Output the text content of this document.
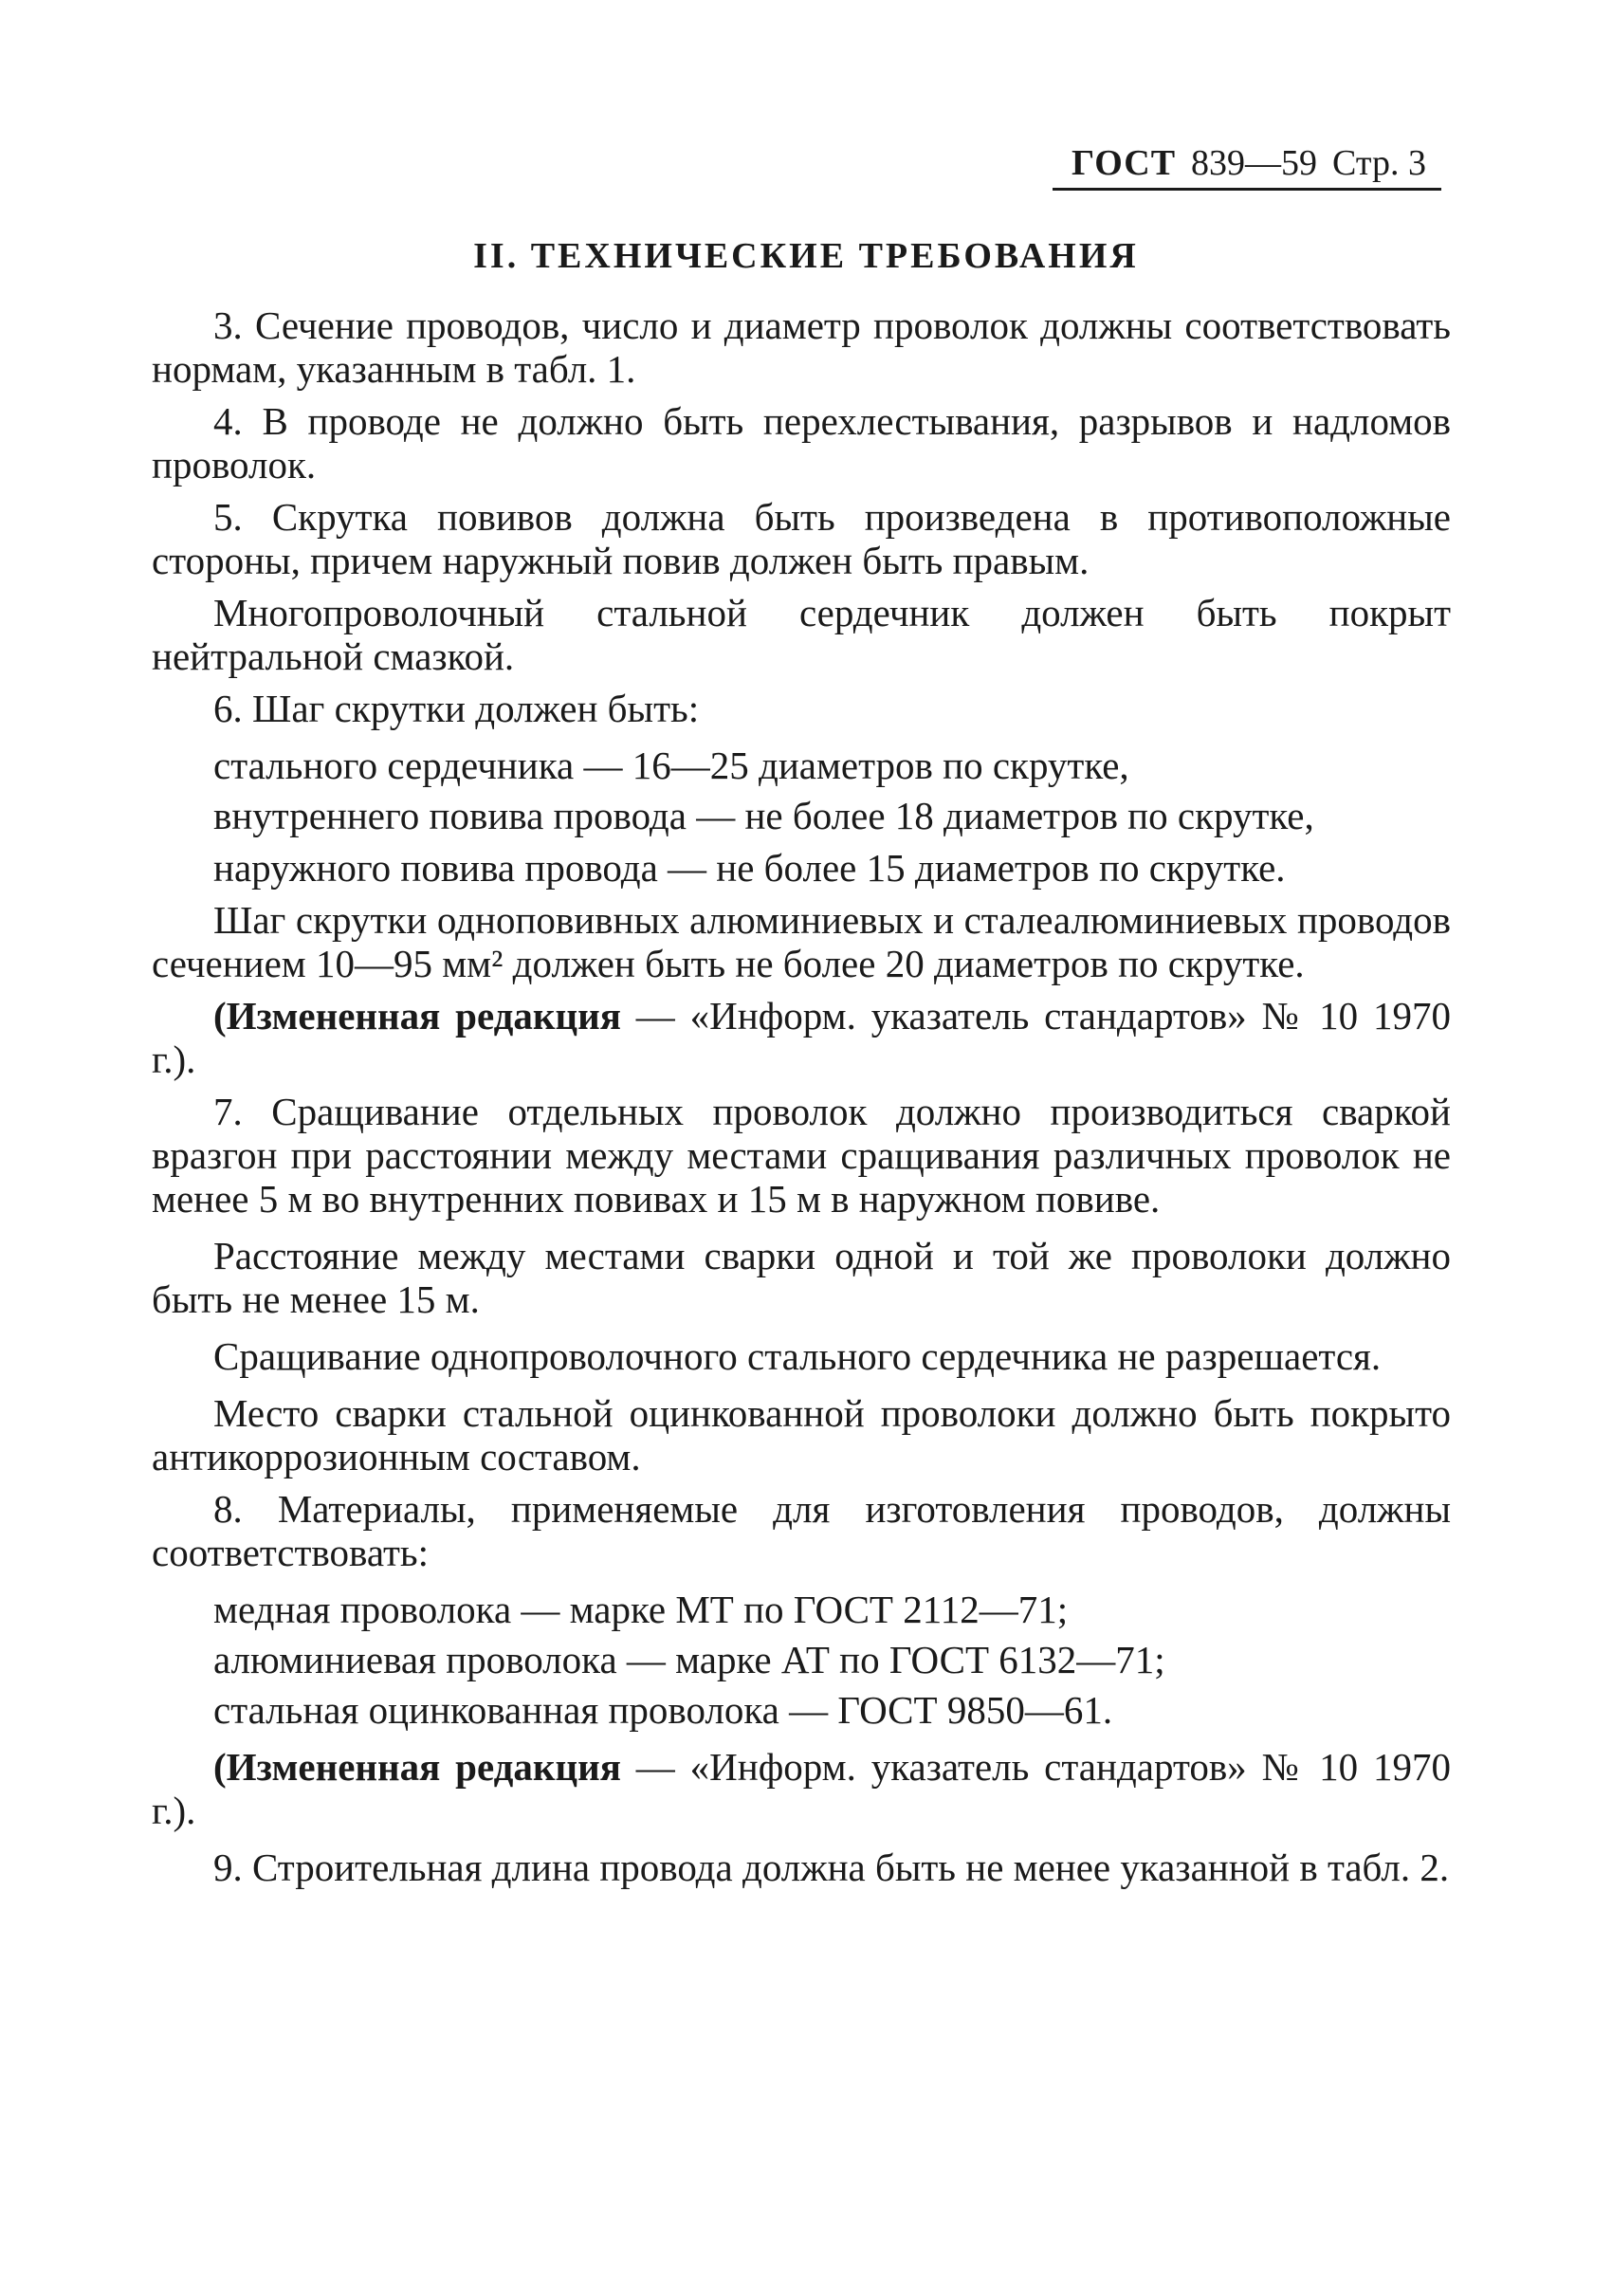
ГОСТ 839—59 Стр. 3
II. ТЕХНИЧЕСКИЕ ТРЕБОВАНИЯ

3. Сечение проводов, число и диаметр проволок должны соответствовать нормам, указанным в табл. 1.

4. В проводе не должно быть перехлестывания, разрывов и надломов проволок.

5. Скрутка повивов должна быть произведена в противоположные стороны, причем наружный повив должен быть правым.

Многопроволочный стальной сердечник должен быть покрыт нейтральной смазкой.

6. Шаг скрутки должен быть:

стального сердечника — 16—25 диаметров по скрутке,

внутреннего повива провода — не более 18 диаметров по скрутке,

наружного повива провода — не более 15 диаметров по скрутке.

Шаг скрутки одноповивных алюминиевых и сталеалюминиевых проводов сечением 10—95 мм² должен быть не более 20 диаметров по скрутке.

(Измененная редакция — «Информ. указатель стандартов» № 10 1970 г.).

7. Сращивание отдельных проволок должно производиться сваркой вразгон при расстоянии между местами сращивания различных проволок не менее 5 м во внутренних повивах и 15 м в наружном повиве.

Расстояние между местами сварки одной и той же проволоки должно быть не менее 15 м.

Сращивание однопроволочного стального сердечника не разрешается.

Место сварки стальной оцинкованной проволоки должно быть покрыто антикоррозионным составом.

8. Материалы, применяемые для изготовления проводов, должны соответствовать:

медная проволока — марке МТ по ГОСТ 2112—71;

алюминиевая проволока — марке АТ по ГОСТ 6132—71;

стальная оцинкованная проволока — ГОСТ 9850—61.

(Измененная редакция — «Информ. указатель стандартов» № 10 1970 г.).

9. Строительная длина провода должна быть не менее указанной в табл. 2.
